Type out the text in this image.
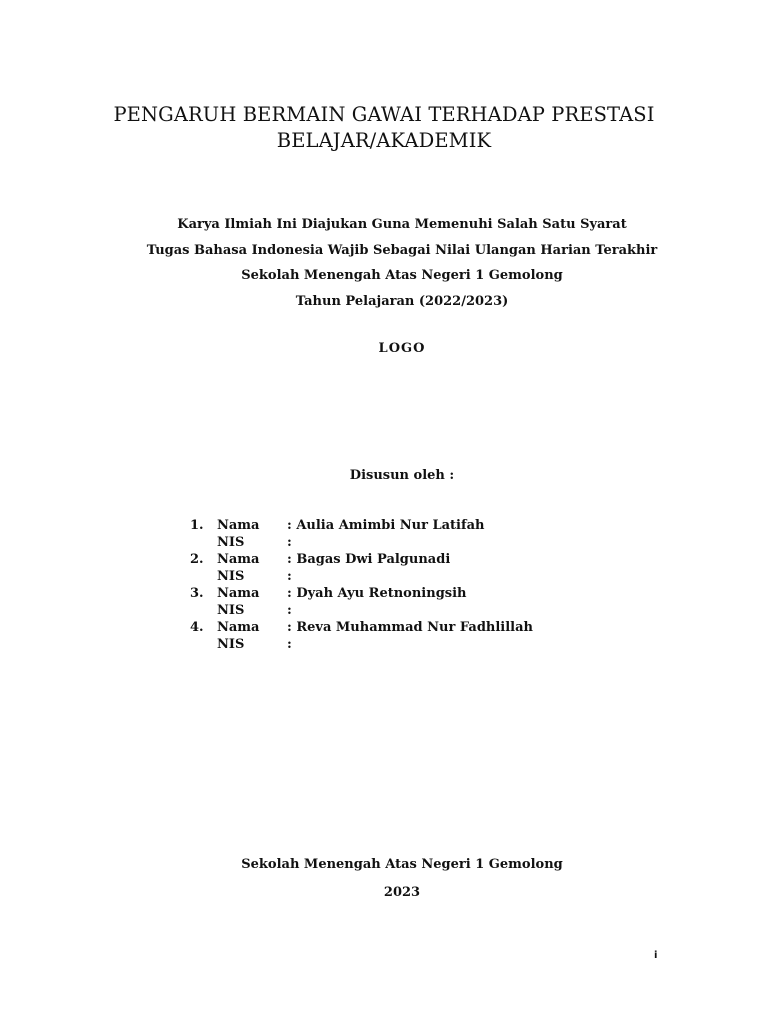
PENGARUH BERMAIN GAWAI TERHADAP PRESTASI
BELAJAR/AKADEMIK
Karya Ilmiah Ini Diajukan Guna Memenuhi Salah Satu Syarat
Tugas Bahasa Indonesia Wajib Sebagai Nilai Ulangan Harian Terakhir
Sekolah Menengah Atas Negeri 1 Gemolong
Tahun Pelajaran (2022/2023)
LOGO
Disusun oleh :
1.	Nama : Aulia Amimbi Nur Latifah
NIS	:
2.	Nama : Bagas Dwi Palgunadi
NIS	:
3.	Nama : Dyah Ayu Retnoningsih
NIS	:
4.	Nama : Reva Muhammad Nur Fadhlillah
NIS	:
Sekolah Menengah Atas Negeri 1 Gemolong
2023
i
